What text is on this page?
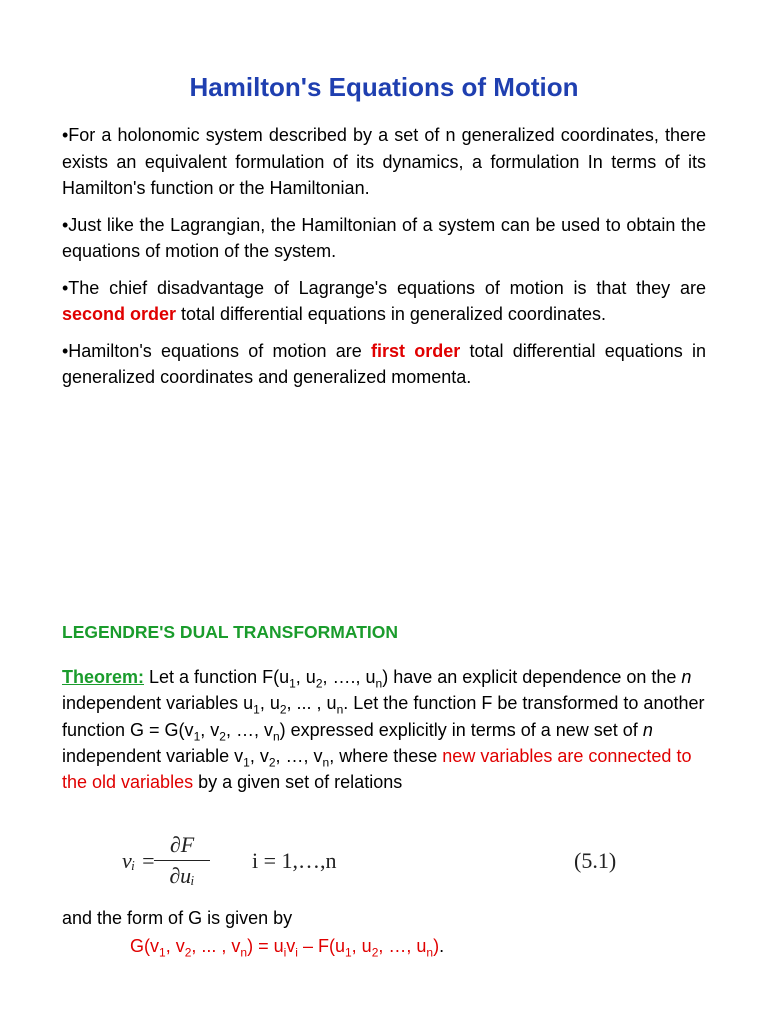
Hamilton's Equations of Motion

•For a holonomic system described by a set of n generalized coordinates, there exists an equivalent formulation of its dynamics, a formulation In terms of its Hamilton's function or the Hamiltonian.

•Just like the Lagrangian, the Hamiltonian of a system can be used to obtain the equations of motion of the system.

•The chief disadvantage of Lagrange's equations of motion is that they are second order total differential equations in generalized coordinates.

•Hamilton's equations of motion are first order total differential equations in generalized coordinates and generalized momenta.

LEGENDRE'S DUAL TRANSFORMATION

Theorem: Let a function $F(u_1$, $u_2$, …., $u_n$) have an explicit dependence on the n independent variables $u_1$, $u_2$, ... , $u_n$. Let the function F be transformed to another function $G = G(v_1$, $v_2$, …, $v_n$) expressed explicitly in terms of a new set of n independent variable $v_1$, $v_2$, …, $v_n$, where these new variables are connected to the old variables by a given set of relations

vᵢ =
∂F
∂uᵢ
i = 1,…,n	(5.1)

and the form of G is given by

$G(v_1$, $v_2$, ... , $v_n) = u_iv_i - F(u_1$, $u_2$, …, $u_n$).
